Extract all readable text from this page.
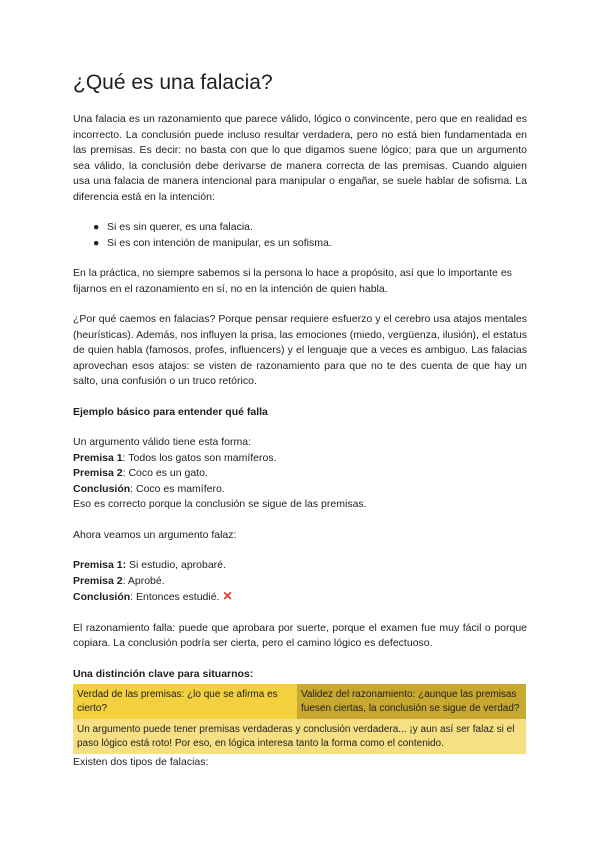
¿Qué es una falacia?

Una falacia es un razonamiento que parece válido, lógico o convincente, pero que en realidad es incorrecto. La conclusión puede incluso resultar verdadera, pero no está bien fundamentada en las premisas. Es decir: no basta con que lo que digamos suene lógico; para que un argumento sea válido, la conclusión debe derivarse de manera correcta de las premisas. Cuando alguien usa una falacia de manera intencional para manipular o engañar, se suele hablar de sofisma. La diferencia está en la intención:

● Si es sin querer, es una falacia.
● Si es con intención de manipular, es un sofisma.

En la práctica, no siempre sabemos si la persona lo hace a propósito, así que lo importante es fijarnos en el razonamiento en sí, no en la intención de quien habla.

¿Por qué caemos en falacias? Porque pensar requiere esfuerzo y el cerebro usa atajos mentales (heurísticas). Además, nos influyen la prisa, las emociones (miedo, vergüenza, ilusión), el estatus de quien habla (famosos, profes, influencers) y el lenguaje que a veces es ambiguo. Las falacias aprovechan esos atajos: se visten de razonamiento para que no te des cuenta de que hay un salto, una confusión o un truco retórico.

Ejemplo básico para entender qué falla
Un argumento válido tiene esta forma:
Premisa 1: Todos los gatos son mamíferos.
Premisa 2: Coco es un gato.
Conclusión: Coco es mamífero.
Eso es correcto porque la conclusión se sigue de las premisas.

Ahora veamos un argumento falaz:

Premisa 1: Si estudio, aprobaré.
Premisa 2: Aprobé.
Conclusión: Entonces estudié. ✕

El razonamiento falla: puede que aprobara por suerte, porque el examen fue muy fácil o porque copiara. La conclusión podría ser cierta, pero el camino lógico es defectuoso.

Una distinción clave para situarnos:
Verdad de las premisas: ¿lo que se afirma es cierto?	Validez del razonamiento: ¿aunque las premisas fuesen ciertas, la conclusión se sigue de verdad?
Un argumento puede tener premisas verdaderas y conclusión verdadera... ¡y aun así ser falaz si el paso lógico está roto! Por eso, en lógica interesa tanto la forma como el contenido.

Existen dos tipos de falacias:
